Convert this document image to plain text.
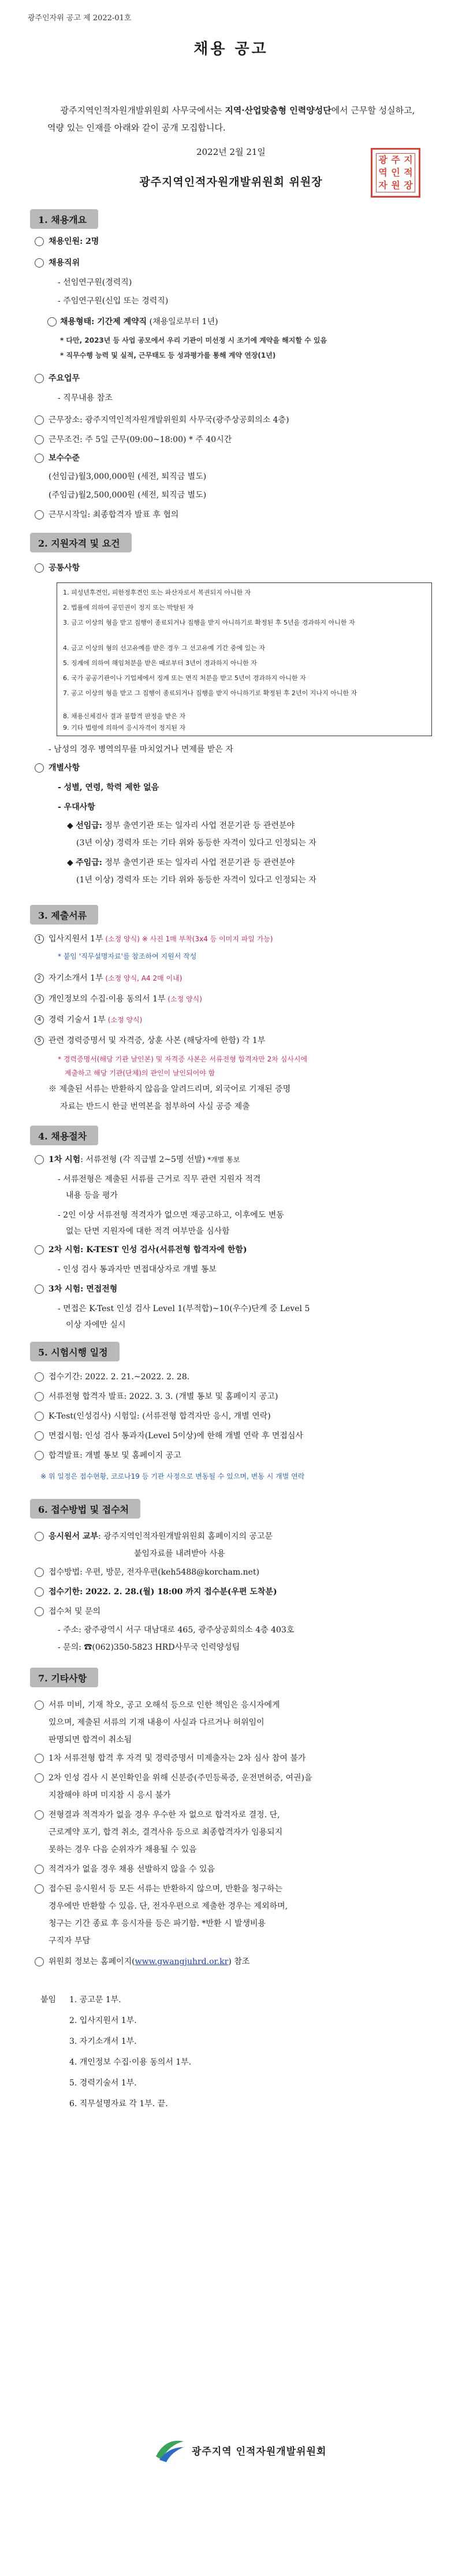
광주인자위 공고 제 2022-01호
채용 공고
광주지역인적자원개발위원회 사무국에서는 지역·산업맞춤형 인력양성단에서 근무할 성실하고, 역량 있는 인재를 아래와 같이 공개 모집합니다.
2022년 2월 21일
광주지역인적자원개발위원회 위원장
광 주 지
역 인 적
자 원 장
1. 채용개요
채용인원: 2명
채용직위
- 선임연구원(경력직)
- 주임연구원(신입 또는 경력직)
채용형태: 기간제 계약직 (채용일로부터 1년)
* 다만, 2023년 등 사업 공모에서 우리 기관이 미선정 시 조기에 계약을 해지할 수 있음
* 직무수행 능력 및 실적, 근무태도 등 성과평가를 통해 계약 연장(1년)
주요업무
- 직무내용 참조
근무장소: 광주지역인적자원개발위원회 사무국(광주상공회의소 4층)
근무조건: 주 5일 근무(09:00~18:00) * 주 40시간
보수수준
(선임급)월3,000,000원 (세전, 퇴직금 별도)
(주임급)월2,500,000원 (세전, 퇴직금 별도)
근무시작일: 최종합격자 발표 후 협의
2. 지원자격 및 요건
공통사항
1. 피성년후견인, 피한정후견인 또는 파산자로서 복권되지 아니한 자
2. 법률에 의하여 공민권이 정지 또는 박탈된 자
3. 금고 이상의 형을 받고 집행이 종료되거나 집행을 받지 아니하기로 확정된 후 5년을 경과하지 아니한 자
4. 금고 이상의 형의 선고유예를 받은 경우 그 선고유예 기간 중에 있는 자
5. 징계에 의하여 해임처분을 받은 때로부터 3년이 경과하지 아니한 자
6. 국가 공공기관이나 기업체에서 징계 또는 면직 처분을 받고 5년이 경과하지 아니한 자
7. 공고 이상의 형을 받고 그 집행이 종료되거나 집행을 받지 아니하기로 확정된 후 2년이 지나지 아니한 자
8. 채용신체검사 결과 불합격 판정을 받은 자
9. 기타 법령에 의하여 응시자격이 정지된 자
- 남성의 경우 병역의무를 마치었거나 면제를 받은 자
개별사항
- 성별, 연령, 학력 제한 없음
- 우대사항
◆ 선임급: 정부 출연기관 또는 일자리 사업 전문기관 등 관련분야
(3년 이상) 경력자 또는 기타 위와 동등한 자격이 있다고 인정되는 자
◆ 주임급: 정부 출연기관 또는 일자리 사업 전문기관 등 관련분야
(1년 이상) 경력자 또는 기타 위와 동등한 자격이 있다고 인정되는 자
3. 제출서류
1 입사지원서 1부 (소정 양식) ※ 사진 1매 부착(3x4 등 이미지 파일 가능)
* 붙임 '직무설명자료'를 참조하여 지원서 작성
2 자기소개서 1부 (소정 양식, A4 2매 이내)
3 개인정보의 수집·이용 동의서 1부 (소정 양식)
4 경력 기술서 1부 (소정 양식)
5 관련 경력증명서 및 자격증, 상훈 사본 (해당자에 한함) 각 1부
* 경력증명서(해당 기관 날인본) 및 자격증 사본은 서류전형 합격자만 2차 심사시에
제출하고 해당 기관(단체)의 관인이 날인되어야 함
※ 제출된 서류는 반환하지 않음을 알려드리며, 외국어로 기재된 증명
자료는 반드시 한글 번역본을 첨부하여 사실 공증 제출
4. 채용절차
1차 시험: 서류전형 (각 직급별 2~5명 선발) *개별 통보
- 서류전형은 제출된 서류를 근거로 직무 관련 지원자 적격
내용 등을 평가
- 2인 이상 서류전형 적격자가 없으면 재공고하고, 이후에도 변동
없는 단면 지원자에 대한 적격 여부만을 심사함
2차 시험: K-TEST 인성 검사(서류전형 합격자에 한함)
- 인성 검사 통과자만 면접대상자로 개별 통보
3차 시험: 면접전형
- 면접은 K-Test 인성 검사 Level 1(부적합)~10(우수)단계 중 Level 5
이상 자에만 실시
5. 시험시행 일정
접수기간: 2022. 2. 21.~2022. 2. 28.
서류전형 합격자 발표: 2022. 3. 3. (개별 통보 및 홈페이지 공고)
K-Test(인성검사) 시험일: (서류전형 합격자만 응시, 개별 연락)
면접시험: 인성 검사 통과자(Level 5이상)에 한해 개별 연락 후 면접심사
합격발표: 개별 통보 및 홈페이지 공고
※ 위 일정은 접수현황, 코로나19 등 기관 사정으로 변동될 수 있으며, 변동 시 개별 연락
6. 접수방법 및 접수처
응시원서 교부: 광주지역인적자원개발위원회 홈페이지의 공고문
붙임자료를 내려받아 사용
접수방법: 우편, 방문, 전자우편(keh5488@korcham.net)
접수기한: 2022. 2. 28.(월) 18:00 까지 접수분(우편 도착분)
접수처 및 문의
- 주소: 광주광역시 서구 대남대로 465, 광주상공회의소 4층 403호
- 문의: ☎(062)350-5823 HRD사무국 인력양성팀
7. 기타사항
서류 미비, 기재 착오, 공고 오해석 등으로 인한 책임은 응시자에게
있으며, 제출된 서류의 기재 내용이 사실과 다르거나 허위임이
판명되면 합격이 취소됨
1차 서류전형 합격 후 자격 및 경력증명서 미제출자는 2차 심사 참여 불가
2차 인성 검사 시 본인확인을 위해 신분증(주민등록증, 운전면허증, 여권)을
지참해야 하며 미지참 시 응시 불가
전형결과 적격자가 없을 경우 우수한 자 없으로 합격자로 결정. 단,
근로계약 포기, 합격 취소, 결격사유 등으로 최종합격자가 임용되지
못하는 경우 다음 순위자가 채용될 수 있음
적격자가 없을 경우 채용 선발하지 않을 수 있음
접수된 응시원서 등 모든 서류는 반환하지 않으며, 반환을 청구하는
경우에만 반환할 수 있음. 단, 전자우편으로 제출한 경우는 제외하며,
청구는 기간 종료 후 응시자를 등은 파기함. *반환 시 발생비용
구직자 부담
위원회 정보는 홈페이지(www.gwangjuhrd.or.kr) 참조
붙임 1. 공고문 1부.
2. 입사지원서 1부.
3. 자기소개서 1부.
4. 개인정보 수집·이용 동의서 1부.
5. 경력기술서 1부.
6. 직무설명자료 각 1부. 끝.
광주지역 인적자원개발위원회
